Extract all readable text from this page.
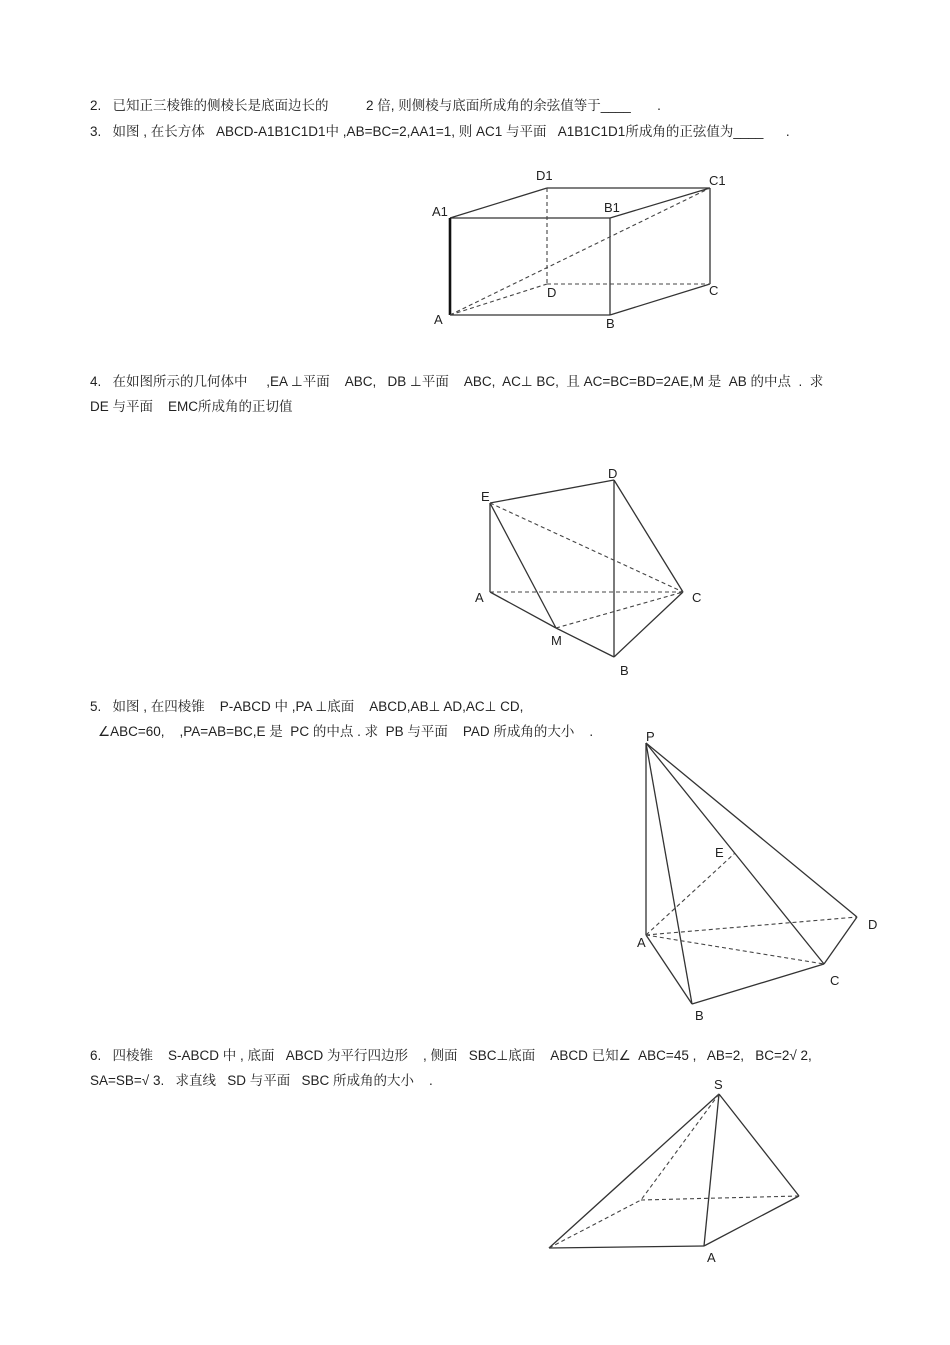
2.   已知正三棱锥的侧棱长是底面边长的          2 倍, 则侧棱与底面所成角的余弦值等于____       .
3.   如图 , 在长方体   ABCD-A1B1C1D1中 ,AB=BC=2,AA1=1, 则 AC1 与平面   A1B1C1D1所成角的正弦值为____      .
D1	C1
A1	B1
D	C
A	B
4.   在如图所示的几何体中     ,EA ⊥平面    ABC,   DB ⊥平面    ABC,  AC⊥ BC,  且 AC=BC=BD=2AE,M 是  AB 的中点  .  求
DE 与平面    EMC所成角的正切值
D
E
A	C
M
B
5.   如图 , 在四棱锥    P-ABCD 中 ,PA ⊥底面    ABCD,AB⊥ AD,AC⊥ CD,
∠ABC=60,    ,PA=AB=BC,E 是  PC 的中点 . 求  PB 与平面    PAD 所成角的大小    .	P
E
D
A
C
B
6.   四棱锥    S-ABCD 中 , 底面   ABCD 为平行四边形    , 侧面   SBC⊥底面    ABCD 已知∠  ABC=45 ,   AB=2,   BC=2√ 2,
SA=SB=√ 3.   求直线   SD 与平面   SBC 所成角的大小    .	S
A
